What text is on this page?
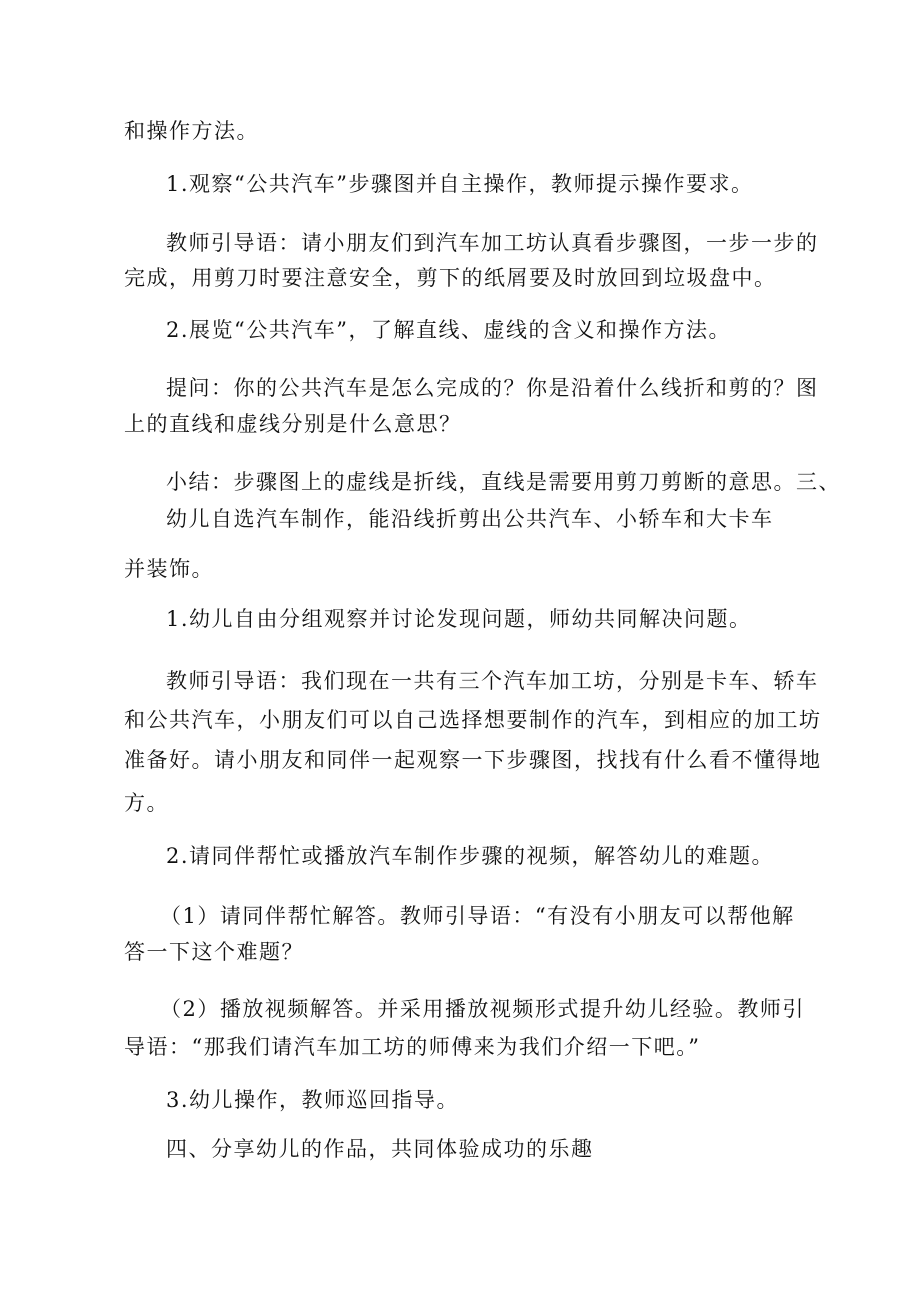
和操作方法。
1.观察“公共汽车”步骤图并自主操作，教师提示操作要求。
教师引导语：请小朋友们到汽车加工坊认真看步骤图，一步一步的
完成，用剪刀时要注意安全，剪下的纸屑要及时放回到垃圾盘中。
2.展览“公共汽车”，了解直线、虚线的含义和操作方法。
提问：你的公共汽车是怎么完成的？你是沿着什么线折和剪的？图
上的直线和虚线分别是什么意思？
小结：步骤图上的虚线是折线，直线是需要用剪刀剪断的意思。三、
幼儿自选汽车制作，能沿线折剪出公共汽车、小轿车和大卡车
并装饰。
1.幼儿自由分组观察并讨论发现问题，师幼共同解决问题。
教师引导语：我们现在一共有三个汽车加工坊，分别是卡车、轿车
和公共汽车，小朋友们可以自己选择想要制作的汽车，到相应的加工坊
准备好。请小朋友和同伴一起观察一下步骤图，找找有什么看不懂得地
方。
2.请同伴帮忙或播放汽车制作步骤的视频，解答幼儿的难题。
（1）请同伴帮忙解答。教师引导语：“有没有小朋友可以帮他解
答一下这个难题？
（2）播放视频解答。并采用播放视频形式提升幼儿经验。教师引
导语：“那我们请汽车加工坊的师傅来为我们介绍一下吧。”
3.幼儿操作，教师巡回指导。
四、分享幼儿的作品，共同体验成功的乐趣
